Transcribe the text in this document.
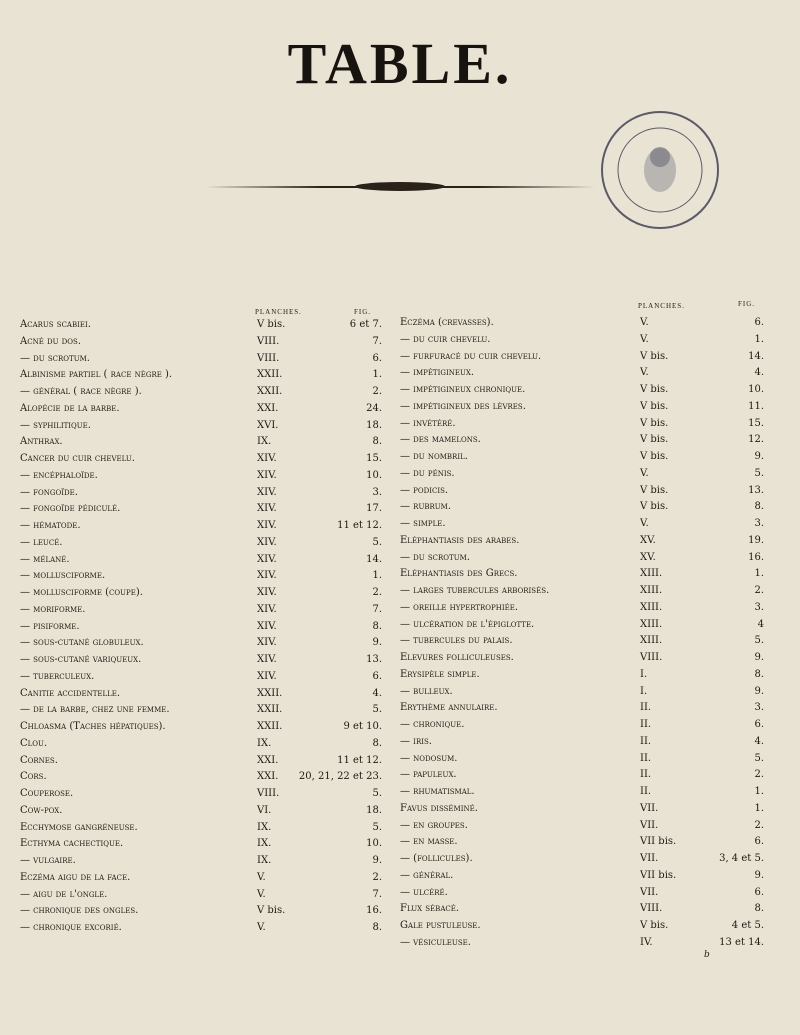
TABLE.
PLANCHES.	FIG.
PLANCHES.	FIG.
Acarus scabiei.	V bis.	6 et 7.
Acné du dos.	VIII.	7.
— du scrotum.	VIII.	6.
Albinisme partiel ( race nègre ).	XXII.	1.
— général ( race nègre ).	XXII.	2.
Alopécie de la barbe.	XXI.	24.
— syphilitique.	XVI.	18.
Anthrax.	IX.	8.
Cancer du cuir chevelu.	XIV.	15.
— encéphaloïde.	XIV.	10.
— fongoïde.	XIV.	3.
— fongoïde pédiculé.	XIV.	17.
— hématode.	XIV.	11 et 12.
— leucé.	XIV.	5.
— mélané.	XIV.	14.
— mollusciforme.	XIV.	1.
— mollusciforme (coupe).	XIV.	2.
— moriforme.	XIV.	7.
— pisiforme.	XIV.	8.
— sous-cutané globuleux.	XIV.	9.
— sous-cutané variqueux.	XIV.	13.
— tuberculeux.	XIV.	6.
Canitie accidentelle.	XXII.	4.
— de la barbe, chez une femme.	XXII.	5.
Chloasma (Taches hépatiques).	XXII.	9 et 10.
Clou.	IX.	8.
Cornes.	XXI.	11 et 12.
Cors.	XXI. 20, 21, 22 et 23.
Couperose.	VIII.	5.
Cow-pox.	VI.	18.
Ecchymose gangréneuse.	IX.	5.
Ecthyma cachectique.	IX.	10.
— vulgaire.	IX.	9.
Eczéma aigu de la face.	V.	2.
— aigu de l'ongle.	V.	7.
— chronique des ongles.	V bis.	16.
— chronique excorié.	V.	8.
Eczéma (crevasses).	V.	6.
— du cuir chevelu.	V.	1.
— furfuracé du cuir chevelu.	V bis.	14.
— impétigineux.	V.	4.
— impétigineux chronique.	V bis.	10.
— impétigineux des lèvres.	V bis.	11.
— invétéré.	V bis.	15.
— des mamelons.	V bis.	12.
— du nombril.	V bis.	9.
— du pénis.	V.	5.
— podicis.	V bis.	13.
— rubrum.	V bis.	8.
— simple.	V.	3.
Eléphantiasis des arabes.	XV.	19.
— du scrotum.	XV.	16.
Eléphantiasis des Grecs.	XIII.	1.
— larges tubercules arborisés.	XIII.	2.
— oreille hypertrophiée.	XIII.	3.
— ulcération de l'épiglotte.	XIII.	4
— tubercules du palais.	XIII.	5.
Elevures folliculeuses.	VIII.	9.
Erysipèle simple.	I.	8.
— bulleux.	I.	9.
Erythème annulaire.	II.	3.
— chronique.	II.	6.
— iris.	II.	4.
— nodosum.	II.	5.
— papuleux.	II.	2.
— rhumatismal.	II.	1.
Favus disséminé.	VII.	1.
— en groupes.	VII.	2.
— en masse.	VII bis.	6.
— (follicules).	VII.	3, 4 et 5.
— général.	VII bis.	9.
— ulcéré.	VII.	6.
Flux sébacé.	VIII.	8.
Gale pustuleuse.	V bis.	4 et 5.
— vésiculeuse.	IV.	13 et 14.
b
